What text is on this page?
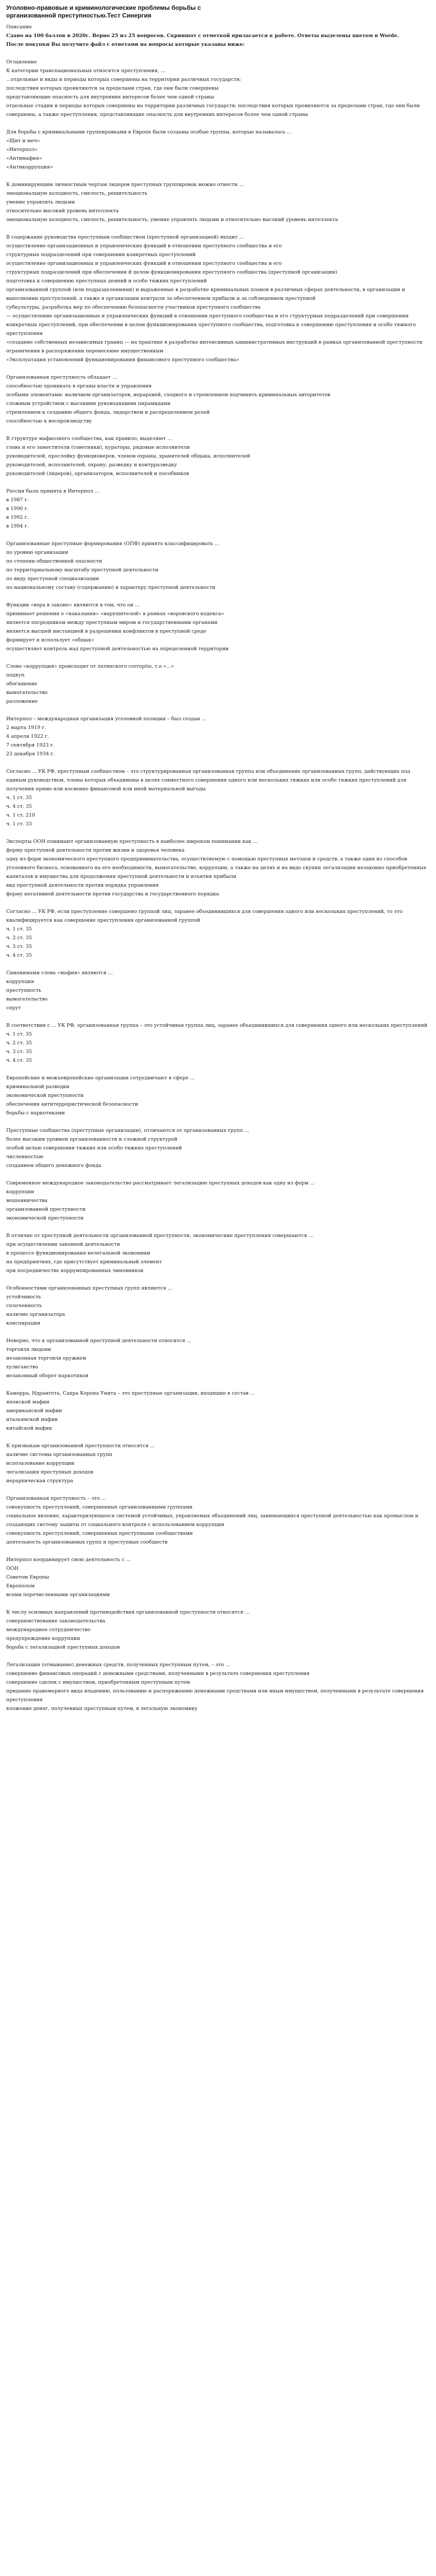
Уголовно-правовые и криминологические проблемы борьбы с организованной преступностью.Тест Синергия

Описание

Сдано на 100 баллов в 2020г. Верно 25 из 25 вопросов. Скриншот с отметкой прилагается к работе. Ответы выделены цветом в Worde.

После покупки Вы получите файл с ответами на вопросы которые указаны ниже:

Оглавление

К категории трансnациональных относятся преступления, ...

...отдельные и виды и периоды которых совершены на территории различных государств;

последствия которых проявляются за пределами стран, где они были совершены

представляющие опасность для внутренних интересов более чем одной страны

отдельные стадии и периоды которых совершены на территории различных государств; последствия которых проявляются за пределами стран, где они были совершены, а также преступления, представляющие опасность для внутренних интересов более чем одной страны

Для борьбы с криминальными группировками в Европе были созданы особые группы, которые называлась ...

«Щит и меч»

«Интерпол»

«Антимафия»

«Антикоррупция»

К доминирующим личностным чертам лидеров преступных группировок можно отнести ...

эмоциональную холодность, смелость, решительность

умение управлять людьми

относительно высокий уровень интеллекта

эмоциональную холодность, смелость, решительность, умение управлять людьми и относительно высокий уровень интеллекта

В содержание руководства преступным сообществом (преступной организацией) входит ...

осуществление организационных и управленческих функций в отношении преступного сообщества и его

структурных подразделений при совершении конкретных преступлений

осуществление организационных и управленческих функций в отношении преступного сообщества и его

структурных подразделений при обеспечении й целом функционирования преступного сообщества (преступной организации)

подготовка к совершению преступных деяний и особо тяжких преступлений

организованной группой (или подразделениями) и выраженные в разработке криминальных планов в различных сферах деятельности, в организации и выполнении преступлений, а также в организации контроля за обеспечением прибыли и за соблюдением преступной

субкультуры, разработка мер по обеспечению безопасности участников преступного сообщества

— осуществление организационных и управленческих функций в отношении преступного сообщества и его структурных подразделений при совершении конкретных преступлений, при обеспечении в целом функционирования преступного сообщества, подготовка к совершению преступления и особо тяжкого преступления

«создание собственных независимых границ — на практике в разработке интенсивных административных инструкций в рамках организованной преступности ограничения в распоряжении перенесение имущественным

«Эксплуатация установлений функционирования финансового преступного сообщества»

Организованная преступность обладает ...

способностью проникать в органы власти и управления

особыми элементами: наличием организаторов, иерархией, сходного и стремлением подчинить криминальных авторитетов

сложным устройством с высокими руководящими пирамидами

стремлением к созданию общего фонда, лидерством и распределением ролей

способностью к воспроизводству

В структуре мафиозного сообщества, как правило, выделяют ...

глава и его заместители (советники), кураторы, рядовые исполнители

руководителей, прослойку функционеров, членов охраны, хранителей общака, исполнителей

руководителей, исполнителей, охрану, разведку и контрразведку

руководителей (лидеров), организаторов, исполнителей и пособников

Россия была принята в Интерпол ...

в 1987 г.

в 1990 г.

в 1992 г.

в 1994 г.

Организованные преступные формирования (ОПФ) принято классифицировать ...

по уровню организации

по степени общественной опасности

по территориальному масштабу преступной деятельности

по виду преступной специализации

по национальному составу (содержанию) и характеру преступной деятельности

Функции «вора в законе» являются в том, что он ...

принимает решения о «наказании» «нарушителей» в рамках «воровского кодекса»

является посредником между преступным миром и государственными органами

является высшей инстанцией в разрешении конфликтов в преступной среде

формирует и использует «общак»

осуществляет контроль над преступной деятельностью на определенной территории

Слово «коррупция» происходит от латинского corruptio, т.е «...»

подкуп

обогащение

вымогательство

разложение

Интерпол – международная организация уголовной полиции – был создан ...

2 марта 1919 г.

4 апреля 1922 г.

7 сентября 1923 г.

23 декабря 1934 г.

Согласно ... УК РФ, преступным сообществом – это структурированная организованная группа или объединение организованных групп, действующих под единым руководством, члены которых объединены в целях совместного совершения одного или нескольких тяжких или особо тяжких преступлений для получения прямо или косвенно финансовой или иной материальной выгоды

ч. 1 ст. 35

ч. 4 ст. 35

ч. 1 ст. 210

ч. 1 ст. 33

Эксперты ООН понимают организованную преступность в наиболее широком понимании как ...

форму преступной деятельности против жизни и здоровья человека

одну из форм экономического преступного предпринимательства, осуществляемую с помощью преступных методов и средств, а также один из способов уголовного бизнеса, основанного на его необходимости, вымогательстве, коррупции, а также на целях и на виде скупки легализации незаконно приобретенных капиталов и имущества для продолжения преступной деятельности и изъятия прибыли

вид преступной деятельности против порядка управления

форму негативной деятельности против государства и государственного порядка

Согласно ... УК РФ, если преступление совершено группой лиц, заранее объединившихся для совершения одного или нескольких преступлений, то это квалифицируется как совершение преступления организованной группой

ч. 1 ст. 35

ч. 2 ст. 35

ч. 3 ст. 35

ч. 4 ст. 35

Синонимами слова «мафия» являются ...

коррупция

преступность

вымогательство

спрут

В соответствии с ... УК РФ, организованная группа – это устойчивая группа лиц, заранее объединившихся для совершения одного или нескольких преступлений

ч. 1 ст. 35

ч. 2 ст. 35

ч. 3 ст. 35

ч. 4 ст. 35

Европейские и межъевропейские организации сотрудничают в сфере ...

криминальной разведки

экономической преступности

обеспечения антитеррористической безопасности

борьбы с наркотиками

Преступные сообщества (преступные организации), отличаются от организованных групп ...

более высоким уровнем организованности и сложной структурой

особой целью совершения тяжких или особо тяжких преступлений

численностью

созданием общего денежного фонда

Современное международное законодательство рассматривает легализацию преступных доходов как одну из форм ...

коррупции

мошенничества

организованной преступности

экономической преступности

В отличие от преступной деятельности организованной преступности, экономические преступления совершаются ...

при осуществлении законной деятельности

в процессе функционирования нелегальной экономики

на предприятиях, где присутствует криминальный элемент

при посредничестве коррумпированных чиновников

Особенностями организованных преступных групп являются ...

устойчивость

сплоченность

наличие организатора

конспирация

Неверно, что к организованной преступной деятельности относится ...

торговля людьми

незаконная торговля оружием

хулиганство

незаконный оборот наркотиков

Каморра, Ндрангета, Сакра Корона Унита – это преступные организации, входящие в состав ...

японской мафии

американской мафии

итальянской мафии

китайской мафии

К признакам организованной преступности относятся ...

наличие системы организованных групп

использование коррупции

легализация преступных доходов

иерархическая структура

Организованная преступность – это ...

совокупность преступлений, совершенных организованными группами

социальное явление, характеризующееся системой устойчивых, управляемых объединений лиц, занимающихся преступной деятельностью как промыслом и создающих систему защиты от социального контроля с использованием коррупции

совокупность преступлений, совершенных преступными сообществами

деятельность организованных групп и преступных сообществ

Интерпол координирует свою деятельность с ...

ООН

Советом Европы

Европолом

всеми перечисленными организациями

К числу основных направлений противодействия организованной преступности относятся ...

совершенствование законодательства

международное сотрудничество

предупреждение коррупции

борьба с легализацией преступных доходов

Легализация (отмывание) денежных средств, полученных преступным путем, – это ...

совершение финансовых операций с денежными средствами, полученными в результате совершения преступления

совершение сделок с имуществом, приобретенным преступным путем

придание правомерного вида владению, пользованию и распоряжению денежными средствами или иным имуществом, полученными в результате совершения преступления

вложение денег, полученных преступным путем, в легальную экономику
